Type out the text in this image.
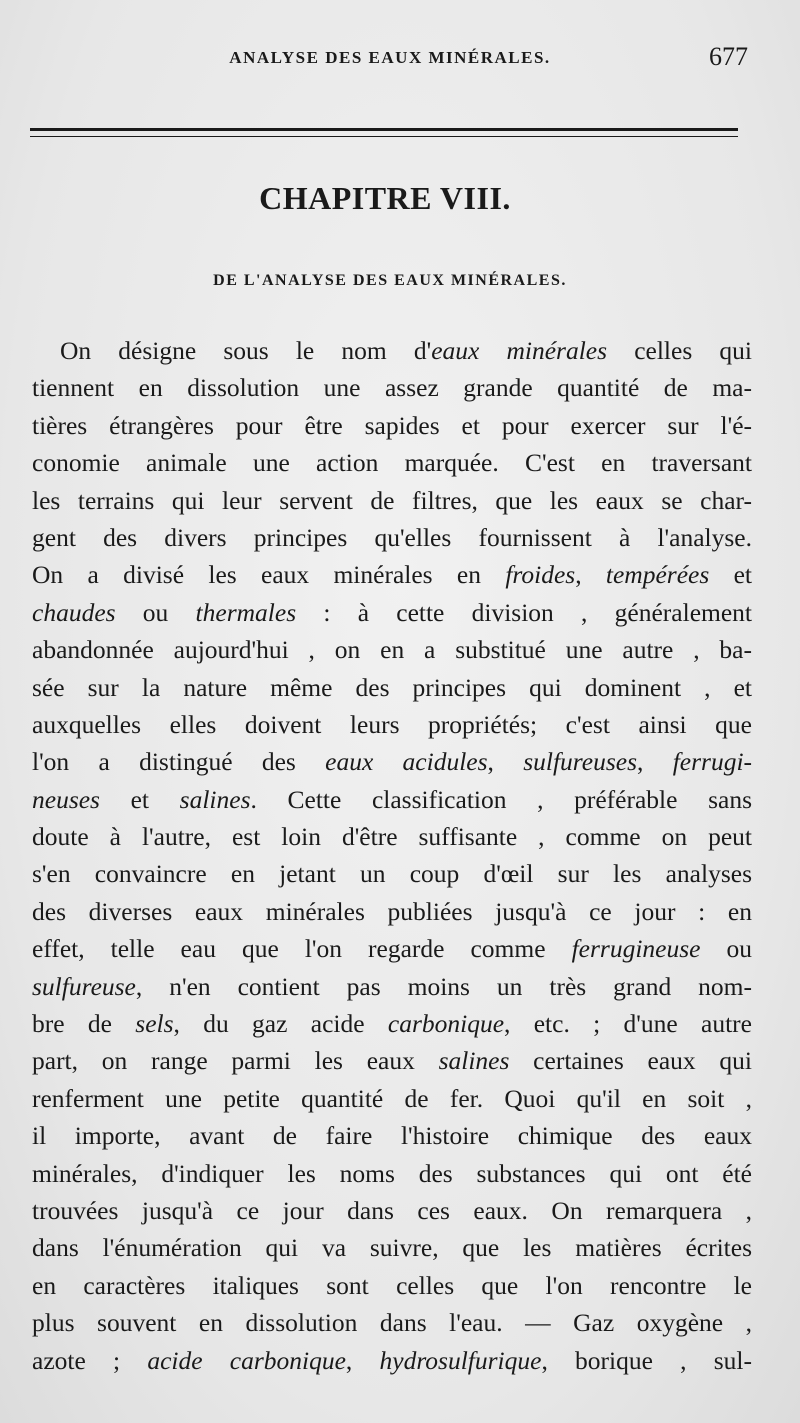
ANALYSE DES EAUX MINÉRALES.	677
CHAPITRE VIII.
DE L'ANALYSE DES EAUX MINÉRALES.
On désigne sous le nom d'eaux minérales celles qui
tiennent en dissolution une assez grande quantité de ma-
tières étrangères pour être sapides et pour exercer sur l'é-
conomie animale une action marquée. C'est en traversant
les terrains qui leur servent de filtres, que les eaux se char-
gent des divers principes qu'elles fournissent à l'analyse.
On a divisé les eaux minérales en froides, tempérées et
chaudes ou thermales : à cette division , généralement
abandonnée aujourd'hui , on en a substitué une autre , ba-
sée sur la nature même des principes qui dominent , et
auxquelles elles doivent leurs propriétés; c'est ainsi que
l'on a distingué des eaux acidules, sulfureuses, ferrugi-
neuses et salines. Cette classification , préférable sans
doute à l'autre, est loin d'être suffisante , comme on peut
s'en convaincre en jetant un coup d'œil sur les analyses
des diverses eaux minérales publiées jusqu'à ce jour : en
effet, telle eau que l'on regarde comme ferrugineuse ou
sulfureuse, n'en contient pas moins un très grand nom-
bre de sels, du gaz acide carbonique, etc. ; d'une autre
part, on range parmi les eaux salines certaines eaux qui
renferment une petite quantité de fer. Quoi qu'il en soit ,
il importe, avant de faire l'histoire chimique des eaux
minérales, d'indiquer les noms des substances qui ont été
trouvées jusqu'à ce jour dans ces eaux. On remarquera ,
dans l'énumération qui va suivre, que les matières écrites
en caractères italiques sont celles que l'on rencontre le
plus souvent en dissolution dans l'eau. — Gaz oxygène ,
azote ; acide carbonique, hydrosulfurique, borique , sul-
